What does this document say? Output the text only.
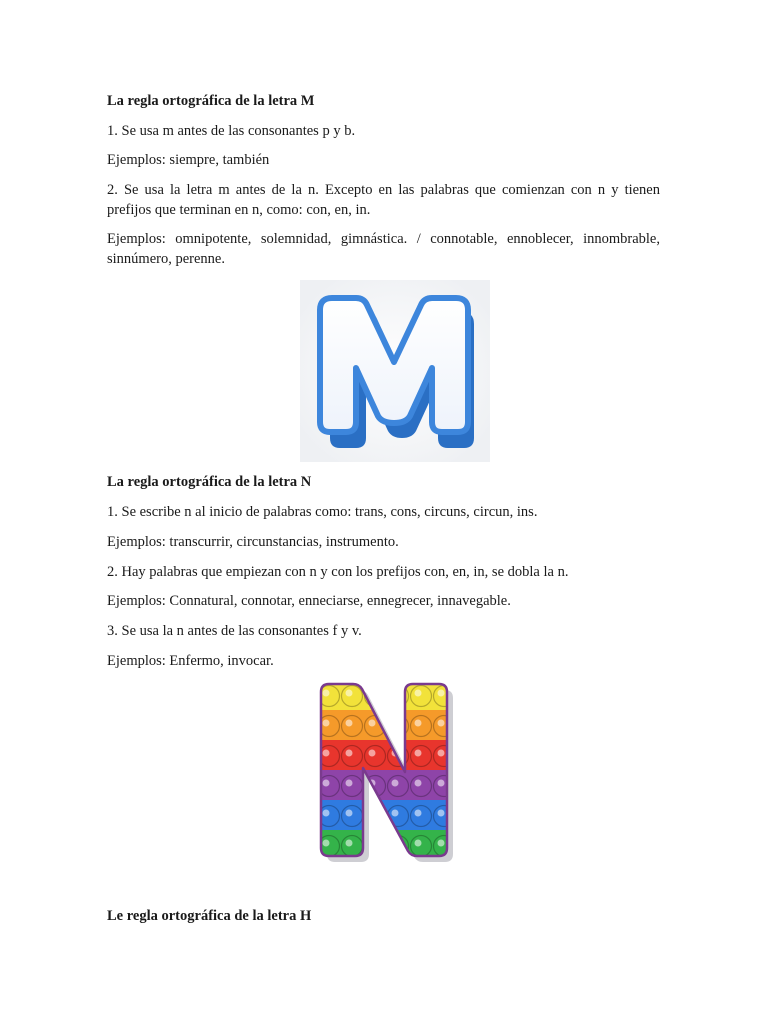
La regla ortográfica de la letra M

1. Se usa m antes de las consonantes p y b.

Ejemplos: siempre, también

2. Se usa la letra m antes de la n. Excepto en las palabras que comienzan con n y tienen prefijos que terminan en n, como: con, en, in.

Ejemplos: omnipotente, solemnidad, gimnástica. / connotable, ennoblecer, innombrable, sinnúmero, perenne.

La regla ortográfica de la letra N

1. Se escribe n al inicio de palabras como: trans, cons, circuns, circun, ins.

Ejemplos: transcurrir, circunstancias, instrumento.

2. Hay palabras que empiezan con n y con los prefijos con, en, in, se dobla la n.

Ejemplos: Connatural, connotar, enneciarse, ennegrecer, innavegable.

3. Se usa la n antes de las consonantes f y v.

Ejemplos: Enfermo, invocar.

Le regla ortográfica de la letra H
